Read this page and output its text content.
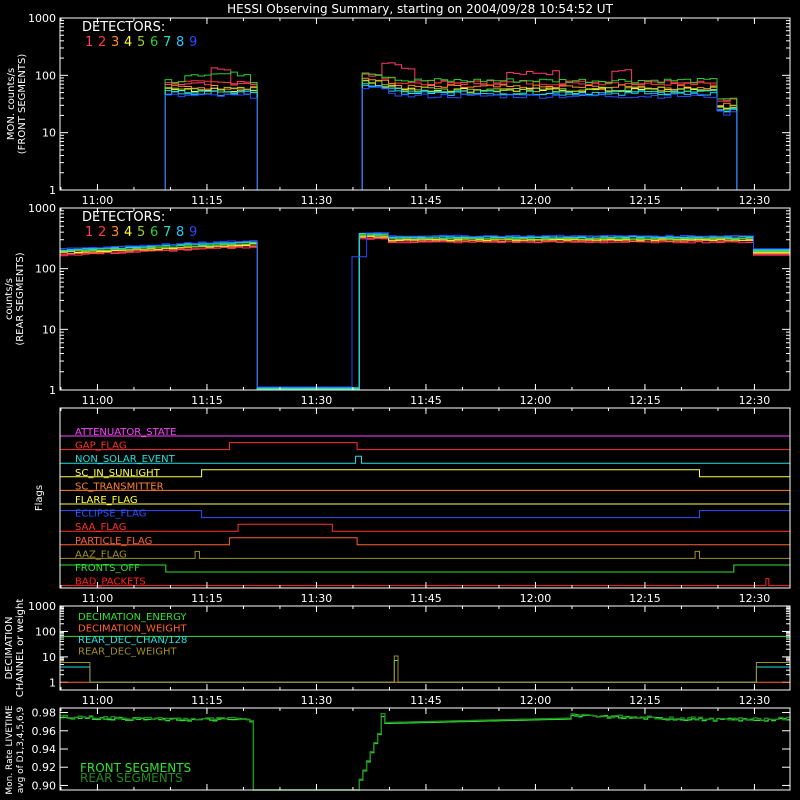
HESSI Observing Summary, starting on 2004/09/28 10:54:52 UT
1
10
100
1000
MON. counts/s (FRONT SEGMENTS)
11:00	11:15	11:30	11:45	12:00	12:15	12:30
DETECTORS:
1 2 3 4 5 6 7 8 9
1
10
100
1000
counts/s (REAR SEGMENTS)
11:00	11:15	11:30	11:45	12:00	12:15	12:30
DETECTORS:
1 2 3 4 5 6 7 8 9
Flags
ATTENUATOR_STATE
GAP_FLAG
NON_SOLAR_EVENT
SC_IN_SUNLIGHT
SC_TRANSMITTER
FLARE_FLAG
ECLIPSE_FLAG
SAA_FLAG
PARTICLE_FLAG
AAZ_FLAG
FRONTS_OFF
BAD_PACKETS
11:00	11:15	11:30	11:45	12:00	12:15	12:30
1
10
100
1000
DECIMATION CHANNEL or weight	DECIMATION_ENERGY
DECIMATION_WEIGHT
REAR_DEC_CHAN/128
REAR_DEC_WEIGHT
11:00	11:15	11:30	11:45	12:00	12:15	12:30
0.90
0.92
0.94
0.96
0.98
Mon. Rate LIVETIME avg of D1,3,4,5,6,9	FRONT SEGMENTS
REAR SEGMENTS
